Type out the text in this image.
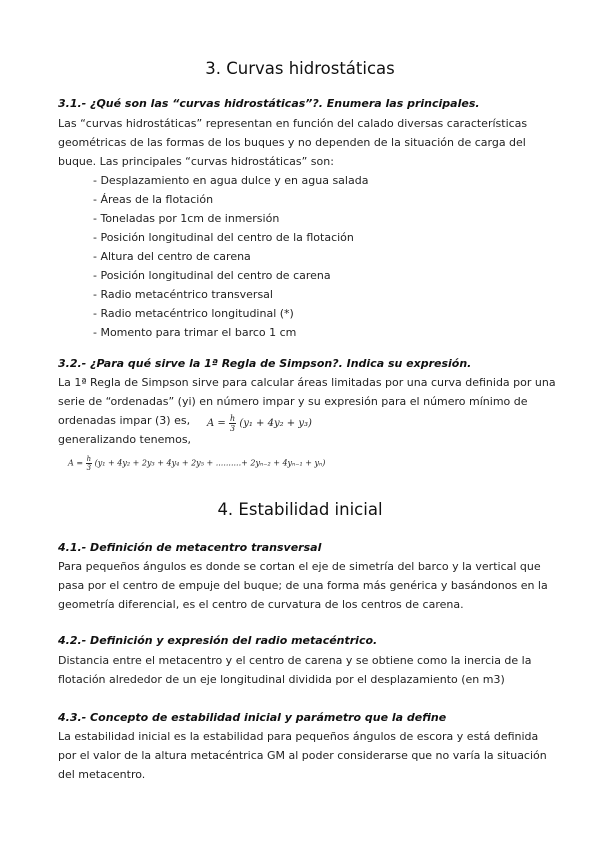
3. Curvas hidrostáticas
3.1.- ¿Qué son las “curvas hidrostáticas”?. Enumera las principales.
Las “curvas hidrostáticas” representan en función del calado diversas características
geométricas de las formas de los buques y no dependen de la situación de carga del
buque. Las principales “curvas hidrostáticas” son:
- Desplazamiento en agua dulce y en agua salada
- Áreas de la flotación
- Toneladas por 1cm de inmersión
- Posición longitudinal del centro de la flotación
- Altura del centro de carena
- Posición longitudinal del centro de carena
- Radio metacéntrico transversal
- Radio metacéntrico longitudinal (*)
- Momento para trimar el barco 1 cm
3.2.- ¿Para qué sirve la 1ª Regla de Simpson?. Indica su expresión.
La 1ª Regla de Simpson sirve para calcular áreas limitadas por una curva definida por una
serie de “ordenadas” (yi) en número impar y su expresión para el número mínimo de
ordenadas impar (3) es,
generalizando tenemos,
$A = \frac{h}{3} (y_1 + 4y_2 + y_3)$
$A = \frac{h}{3} (y_1 + 4y_2 + 2y_3 + 4y_4 + 2y_5$ + ..........+ 2yₙ₋₂ + 4yₙ₋₁ + yₙ)
4. Estabilidad inicial
4.1.- Definición de metacentro transversal
Para pequeños ángulos es donde se cortan el eje de simetría del barco y la vertical que
pasa por el centro de empuje del buque; de una forma más genérica y basándonos en la
geometría diferencial, es el centro de curvatura de los centros de carena.
4.2.- Definición y expresión del radio metacéntrico.
Distancia entre el metacentro y el centro de carena y se obtiene como la inercia de la
flotación alrededor de un eje longitudinal dividida por el desplazamiento (en m3)
4.3.- Concepto de estabilidad inicial y parámetro que la define
La estabilidad inicial es la estabilidad para pequeños ángulos de escora y está definida
por el valor de la altura metacéntrica GM al poder considerarse que no varía la situación
del metacentro.
